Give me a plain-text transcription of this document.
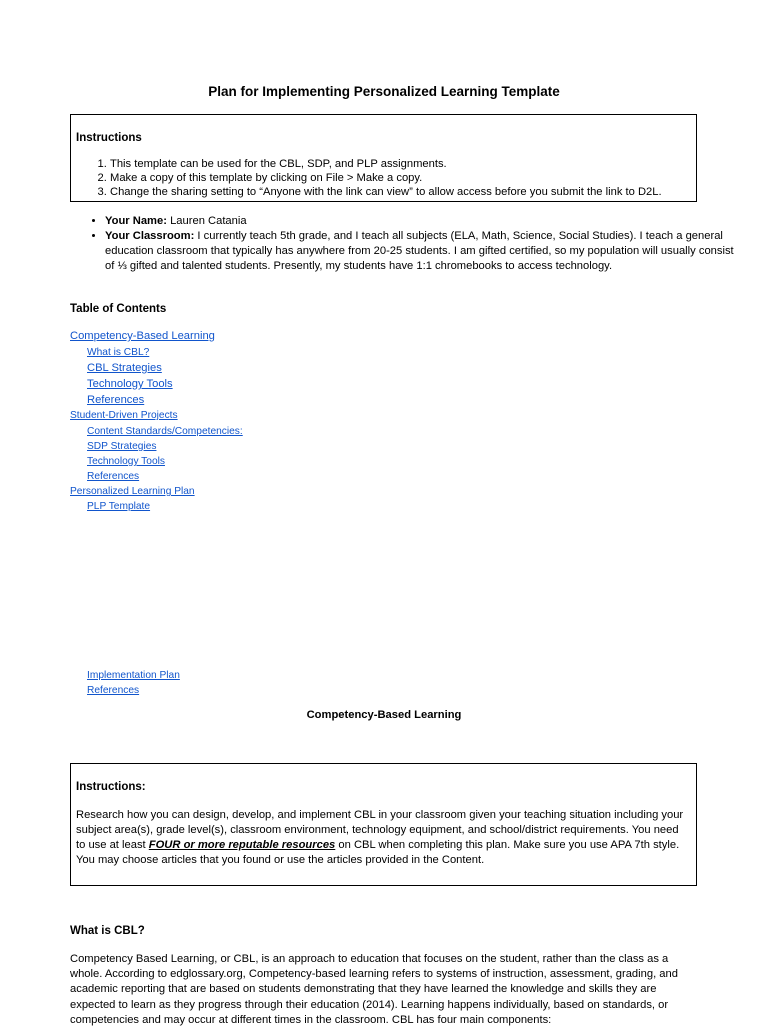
Plan for Implementing Personalized Learning Template
Instructions
1. This template can be used for the CBL, SDP, and PLP assignments.
2. Make a copy of this template by clicking on File > Make a copy.
3. Change the sharing setting to “Anyone with the link can view” to allow access before you submit the link to D2L.
• Your Name: Lauren Catania
• Your Classroom: I currently teach 5th grade, and I teach all subjects (ELA, Math, Science, Social Studies). I teach a general education classroom that typically has anywhere from 20-25 students. I am gifted certified, so my population will usually consist of ⅓ gifted and talented students. Presently, my students have 1:1 chromebooks to access technology.
Table of Contents
Competency-Based Learning
What is CBL?
CBL Strategies
Technology Tools
References
Student-Driven Projects
Content Standards/Competencies:
SDP Strategies
Technology Tools
References
Personalized Learning Plan
PLP Template
Implementation Plan
References
Competency-Based Learning
Instructions:
Research how you can design, develop, and implement CBL in your classroom given your teaching situation including your subject area(s), grade level(s), classroom environment, technology equipment, and school/district requirements. You need to use at least FOUR or more reputable resources on CBL when completing this plan. Make sure you use APA 7th style. You may choose articles that you found or use the articles provided in the Content.
What is CBL?
Competency Based Learning, or CBL, is an approach to education that focuses on the student, rather than the class as a whole. According to edglossary.org, Competency-based learning refers to systems of instruction, assessment, grading, and academic reporting that are based on students demonstrating that they have learned the knowledge and skills they are expected to learn as they progress through their education (2014). Learning happens individually, based on standards, or competencies and may occur at different times in the classroom. CBL has four main components:
